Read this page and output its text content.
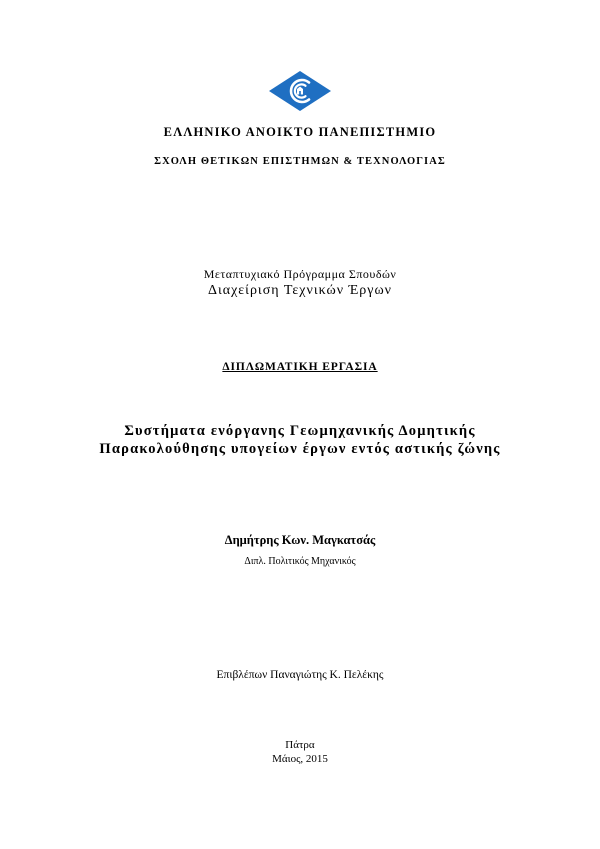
ΕΛΛΗΝΙΚΟ ΑΝΟΙΚΤΟ ΠΑΝΕΠΙΣΤΗΜΙΟ
ΣΧΟΛΗ ΘΕΤΙΚΩΝ ΕΠΙΣΤΗΜΩΝ & ΤΕΧΝΟΛΟΓΙΑΣ
Μεταπτυχιακό Πρόγραμμα Σπουδών
Διαχείριση Τεχνικών Έργων
ΔΙΠΛΩΜΑΤΙΚΗ ΕΡΓΑΣΙΑ
Συστήματα ενόργανης Γεωμηχανικής Δομητικής
Παρακολούθησης υπογείων έργων εντός αστικής ζώνης
Δημήτρης Κων. Μαγκατσάς
Διπλ. Πολιτικός Μηχανικός
Επιβλέπων Παναγιώτης Κ. Πελέκης
Πάτρα
Μάιος, 2015
